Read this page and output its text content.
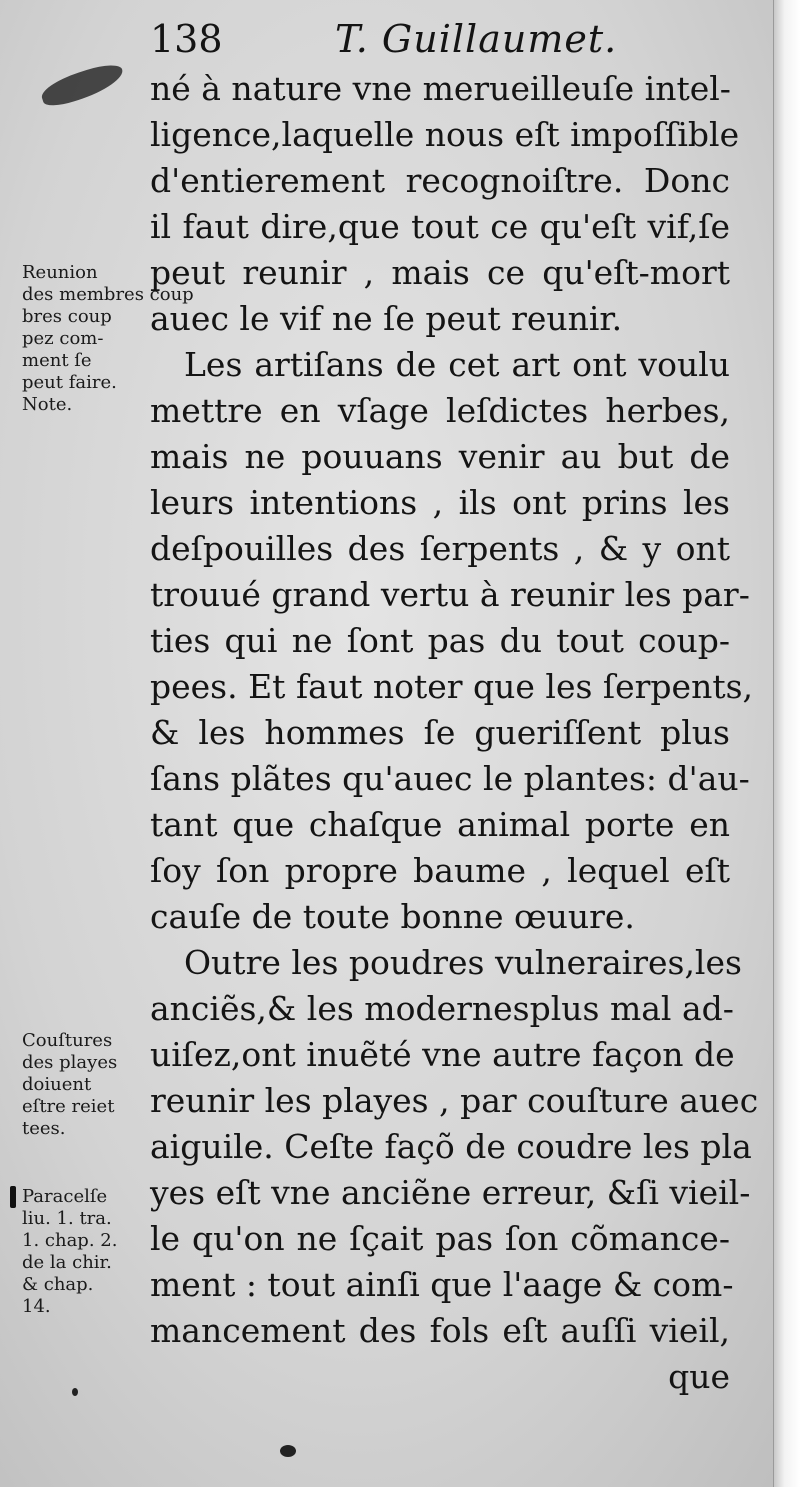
138	T. Guillaumet.
né à nature vne merueilleuſe intel-
ligence,laquelle nous eſt impoſſible
d'entierement recognoiſtre. Donc
il faut dire,que tout ce qu'eſt vif,ſe
peut reunir , mais ce qu'eſt-mort
auec le vif ne ſe peut reunir.
Les artiſans de cet art ont voulu
mettre en vſage leſdictes herbes,
mais ne pouuans venir au but de
leurs intentions , ils ont prins les
deſpouilles des ſerpents , & y ont
trouué grand vertu à reunir les par-
ties qui ne ſont pas du tout coup-
pees. Et faut noter que les ſerpents,
& les hommes ſe gueriſſent plus
ſans plãtes qu'auec le plantes: d'au-
tant que chaſque animal porte en
ſoy ſon propre baume , lequel eſt
cauſe de toute bonne œuure.
Outre les poudres vulneraires,les
anciẽs,& les modernesplus mal ad-
uiſez,ont inuẽté vne autre façon de
reunir les playes , par couſture auec
aiguile. Ceſte façõ de coudre les pla
yes eſt vne anciẽne erreur, &ſi vieil-
le qu'on ne ſçait pas ſon cõmance-
ment : tout ainſi que l'aage & com-
mancement des fols eſt auſſi vieil,
que
Reunion
des membres coup
bres coup
pez com-
ment ſe
peut faire.
Note.
Couſtures
des playes
doiuent
eſtre reiet
tees.
Paracelſe
liu. 1. tra.
1. chap. 2.
de la chir.
& chap.
14.
